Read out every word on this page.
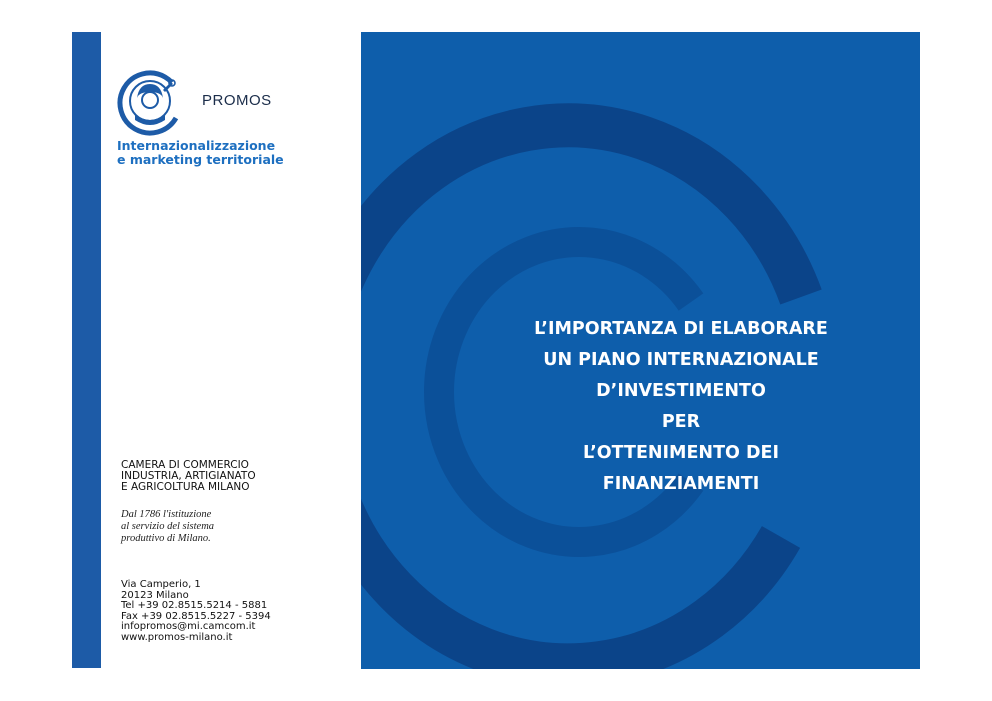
PROMOS
Internazionalizzazione
e marketing territoriale
CAMERA DI COMMERCIO
INDUSTRIA, ARTIGIANATO
E AGRICOLTURA MILANO
Dal 1786 l'istituzione
al servizio del sistema
produttivo di Milano.
Via Camperio, 1
20123 Milano
Tel +39 02.8515.5214 - 5881
Fax +39 02.8515.5227 - 5394
infopromos@mi.camcom.it
www.promos-milano.it
L’IMPORTANZA DI ELABORARE
UN PIANO INTERNAZIONALE
D’INVESTIMENTO
PER
L’OTTENIMENTO DEI
FINANZIAMENTI
